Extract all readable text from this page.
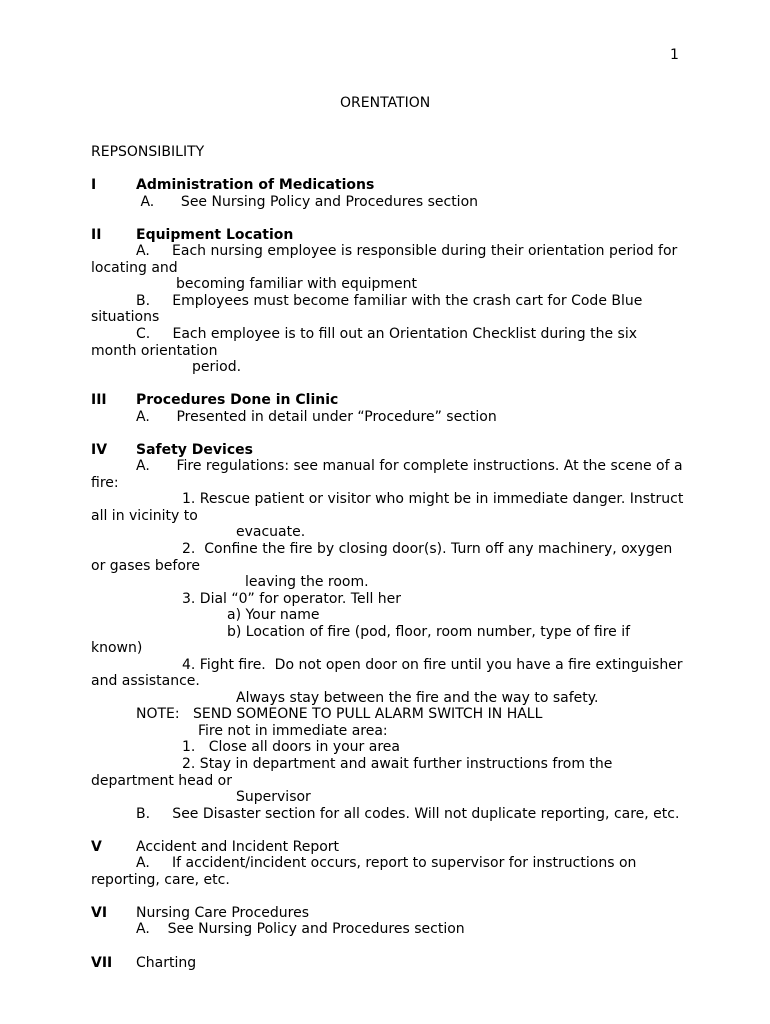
1
ORENTATION
REPSONSIBILITY
I	Administration of Medications
A.      See Nursing Policy and Procedures section
II Equipment Location
A.     Each nursing employee is responsible during their orientation period for
locating and
becoming familiar with equipment
B.     Employees must become familiar with the crash cart for Code Blue
situations
C.     Each employee is to fill out an Orientation Checklist during the six
month orientation
period.
III Procedures Done in Clinic
A.      Presented in detail under “Procedure” section
IV Safety Devices
A.      Fire regulations: see manual for complete instructions. At the scene of a
fire:
1. Rescue patient or visitor who might be in immediate danger. Instruct
all in vicinity to
evacuate.
2.  Confine the fire by closing door(s). Turn off any machinery, oxygen
or gases before
leaving the room.
3. Dial “0” for operator. Tell her
a) Your name
b) Location of fire (pod, floor, room number, type of fire if
known)
4. Fight fire.  Do not open door on fire until you have a fire extinguisher
and assistance.
Always stay between the fire and the way to safety.
NOTE:   SEND SOMEONE TO PULL ALARM SWITCH IN HALL
Fire not in immediate area:
1.   Close all doors in your area
2. Stay in department and await further instructions from the
department head or
Supervisor
B.     See Disaster section for all codes. Will not duplicate reporting, care, etc.
V Accident and Incident Report
A.     If accident/incident occurs, report to supervisor for instructions on
reporting, care, etc.
VI Nursing Care Procedures
A.    See Nursing Policy and Procedures section
VII Charting
